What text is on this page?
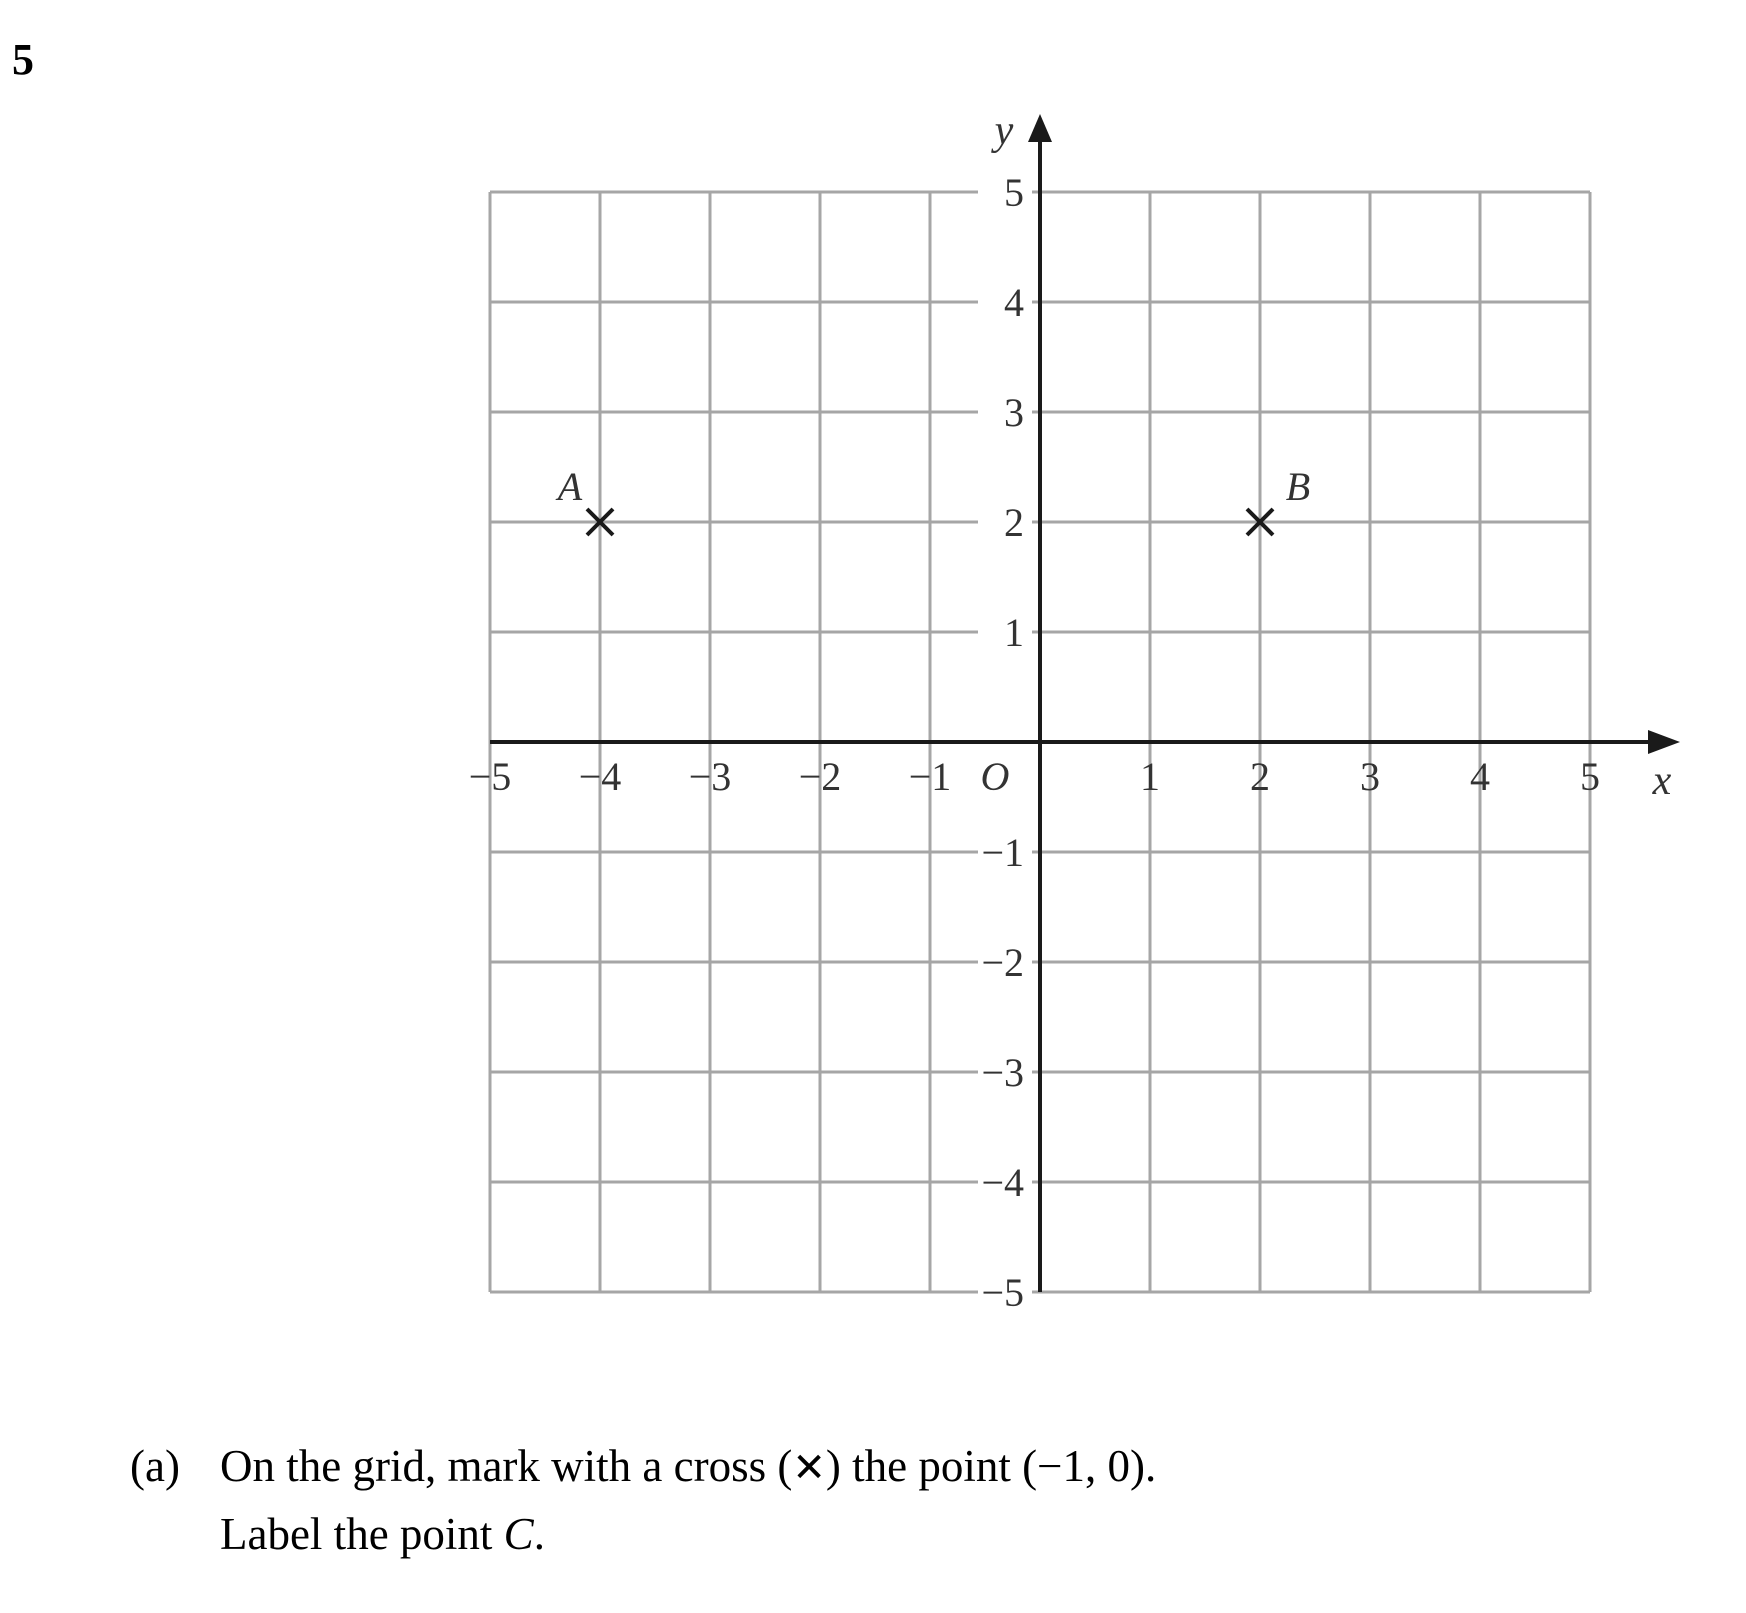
5
−5 −4 −3 −2 −1	1 2 3 4 5
5
4
3
2
1
−1
−2
−3
−4
−5
O	x
y
A	B
(a) On the grid, mark with a cross (✕) the point (−1, 0).
Label the point C.
